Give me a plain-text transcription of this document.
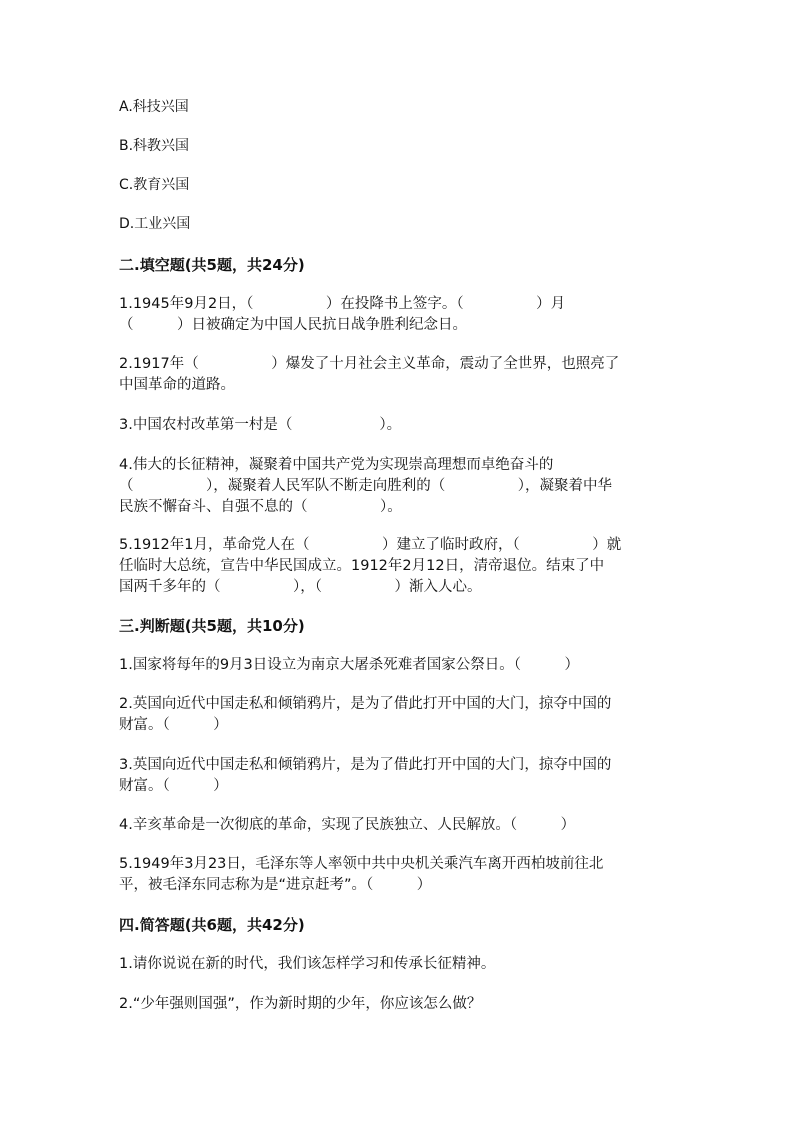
A.科技兴国
B.科教兴国
C.教育兴国
D.工业兴国
二.填空题(共5题，共24分)
1.1945年9月2日，（　　　　　）在投降书上签字。（　　　　　）月
（　　　）日被确定为中国人民抗日战争胜利纪念日。
2.1917年（　　　　　）爆发了十月社会主义革命，震动了全世界，也照亮了
中国革命的道路。
3.中国农村改革第一村是（　　　　　　）。
4.伟大的长征精神，凝聚着中国共产党为实现崇高理想而卓绝奋斗的
（　　　　　），凝聚着人民军队不断走向胜利的（　　　　　），凝聚着中华
民族不懈奋斗、自强不息的（　　　　　）。
5.1912年1月，革命党人在（　　　　　）建立了临时政府，（　　　　　）就
任临时大总统，宣告中华民国成立。1912年2月12日，清帝退位。结束了中
国两千多年的（　　　　　），（　　　　　）渐入人心。
三.判断题(共5题，共10分)
1.国家将每年的9月3日设立为南京大屠杀死难者国家公祭日。（　　　）
2.英国向近代中国走私和倾销鸦片，是为了借此打开中国的大门，掠夺中国的
财富。（　　　）
3.英国向近代中国走私和倾销鸦片，是为了借此打开中国的大门，掠夺中国的
财富。（　　　）
4.辛亥革命是一次彻底的革命，实现了民族独立、人民解放。（　　　）
5.1949年3月23日，毛泽东等人率领中共中央机关乘汽车离开西柏坡前往北
平，被毛泽东同志称为是“进京赶考”。（　　　）
四.简答题(共6题，共42分)
1.请你说说在新的时代，我们该怎样学习和传承长征精神。
2.“少年强则国强”，作为新时期的少年，你应该怎么做？
